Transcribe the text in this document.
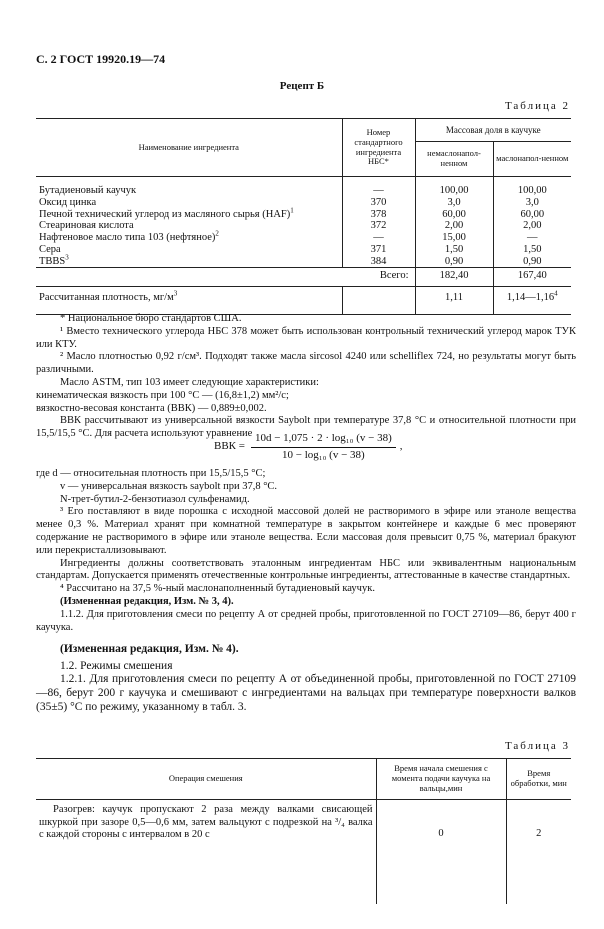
С. 2 ГОСТ 19920.19—74
Рецепт Б
Таблица 2
Наименование ингредиента	Номер стандартного ингредиента НБС*	Массовая доля в каучуке	
		немаслонапол-ненном	маслонапол-ненном

Бутадиеновый каучук	—	100,00	100,00
Оксид цинка	370	3,0	3,0
Печной технический углерод из масляного сырья (HAF)$^1$	378	60,00	60,00
Стеариновая кислота	372	2,00	2,00
Нафтеновое масло типа 103 (нефтяное)$^2$	—	15,00	—
Сера	371	1,50	1,50
TBBS$^3$	384	0,90	0,90
Всего:		182,40	167,40
Рассчитанная плотность, $мг/м^3$		1,11	1,14—1,16$^4$

* Национальное бюро стандартов США.

¹ Вместо технического углерода НБС 378 может быть использован контрольный технический углерод марок ТУК или КТУ.

² Масло плотностью 0,92 г/см³. Подходят также масла sircosol 4240 или schelliflex 724, но результаты могут быть различными.

Масло ASTM, тип 103 имеет следующие характеристики:

кинематическая вязкость при 100 °С — (16,8±1,2) мм²/с;

вязкостно-весовая константа (ВВК) — 0,889±0,002.

ВВК рассчитывают из универсальной вязкости Saybolt при температуре 37,8 °С и относительной плотности при 15,5/15,5 °С. Для расчета используют уравнение

ВВК = $\frac{\text{10d − 1,075 · 2 · log₁₀ (v − 38)}}{\text{10 − log₁₀ (v − 38)}}$ ,

где d — относительная плотность при 15,5/15,5 °С;

v — универсальная вязкость saybolt при 37,8 °С.

N-трет-бутил-2-бензотиазол сульфенамид.

³ Его поставляют в виде порошка с исходной массовой долей не растворимого в эфире или этаноле вещества менее 0,3 %. Материал хранят при комнатной температуре в закрытом контейнере и каждые 6 мес проверяют содержание не растворимого в эфире или этаноле вещества. Если массовая доля превысит 0,75 %, материал бракуют или перекристаллизовывают.

Ингредиенты должны соответствовать эталонным ингредиентам НБС или эквивалентным национальным стандартам. Допускается применять отечественные контрольные ингредиенты, аттестованные в качестве стандартных.

⁴ Рассчитано на 37,5 %-ный маслонаполненный бутадиеновый каучук.

(Измененная редакция, Изм. № 3, 4).

1.1.2. Для приготовления смеси по рецепту А от средней пробы, приготовленной по ГОСТ 27109—86, берут 400 г каучука.

(Измененная редакция, Изм. № 4).

1.2. Режимы смешения

1.2.1. Для приготовления смеси по рецепту А от объединенной пробы, приготовленной по ГОСТ 27109—86, берут 200 г каучука и смешивают с ингредиентами на вальцах при температуре поверхности валков (35±5) °С по режиму, указанному в табл. 3.

Таблица 3
Операция смешения	Время начала смешения с момента подачи каучука на вальцы,мин	Время обработки, мин
Разогрев: каучук пропускают 2 раза между валками свисающей шкуркой при зазоре 0,5—0,6 мм, затем вальцуют с подрезкой на ³/₄ валка с каждой стороны с интервалом в 20 с	0	2
